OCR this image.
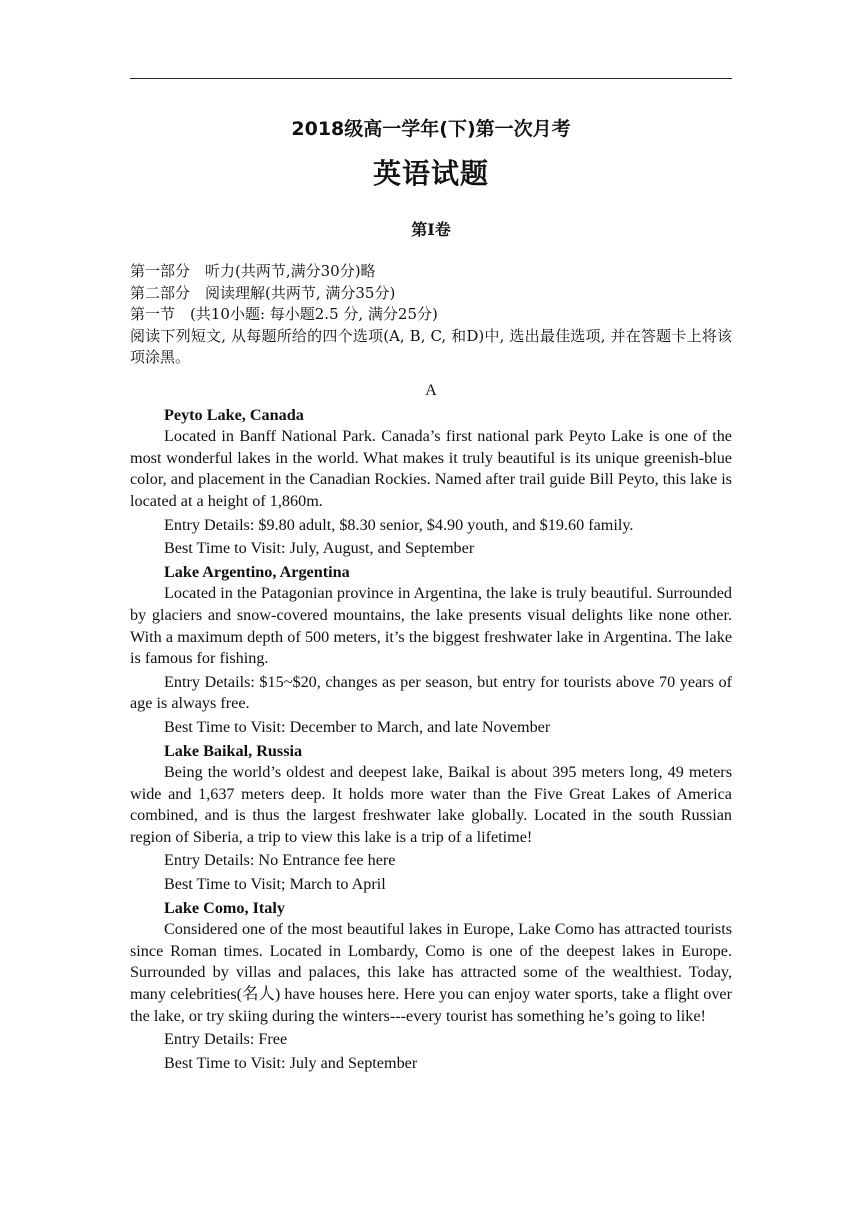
2018级高一学年(下)第一次月考
英语试题
第Ⅰ卷

第一部分　听力(共两节,满分30分)略

第二部分　阅读理解(共两节, 满分35分)

第一节　(共10小题: 每小题2.5 分, 满分25分)

阅读下列短文, 从每题所给的四个选项(A, B, C, 和D)中, 选出最佳选项, 并在答题卡上将该项涂黑。

A

Peyto Lake, Canada

Located in Banff National Park. Canada’s first national park Peyto Lake is one of the most wonderful lakes in the world. What makes it truly beautiful is its unique greenish-blue color, and placement in the Canadian Rockies. Named after trail guide Bill Peyto, this lake is located at a height of 1,860m.

Entry Details: $9.80 adult, $8.30 senior, $4.90 youth, and $19.60 family.

Best Time to Visit: July, August, and September

Lake Argentino, Argentina

Located in the Patagonian province in Argentina, the lake is truly beautiful. Surrounded by glaciers and snow-covered mountains, the lake presents visual delights like none other. With a maximum depth of 500 meters, it’s the biggest freshwater lake in Argentina. The lake is famous for fishing.

Entry Details: $15~$20, changes as per season, but entry for tourists above 70 years of age is always free.

Best Time to Visit: December to March, and late November

Lake Baikal, Russia

Being the world’s oldest and deepest lake, Baikal is about 395 meters long, 49 meters wide and 1,637 meters deep. It holds more water than the Five Great Lakes of America combined, and is thus the largest freshwater lake globally. Located in the south Russian region of Siberia, a trip to view this lake is a trip of a lifetime!

Entry Details: No Entrance fee here

Best Time to Visit; March to April

Lake Como, Italy

Considered one of the most beautiful lakes in Europe, Lake Como has attracted tourists since Roman times. Located in Lombardy, Como is one of the deepest lakes in Europe. Surrounded by villas and palaces, this lake has attracted some of the wealthiest. Today, many celebrities(名人) have houses here. Here you can enjoy water sports, take a flight over the lake, or try skiing during the winters---every tourist has something he’s going to like!

Entry Details: Free

Best Time to Visit: July and September
